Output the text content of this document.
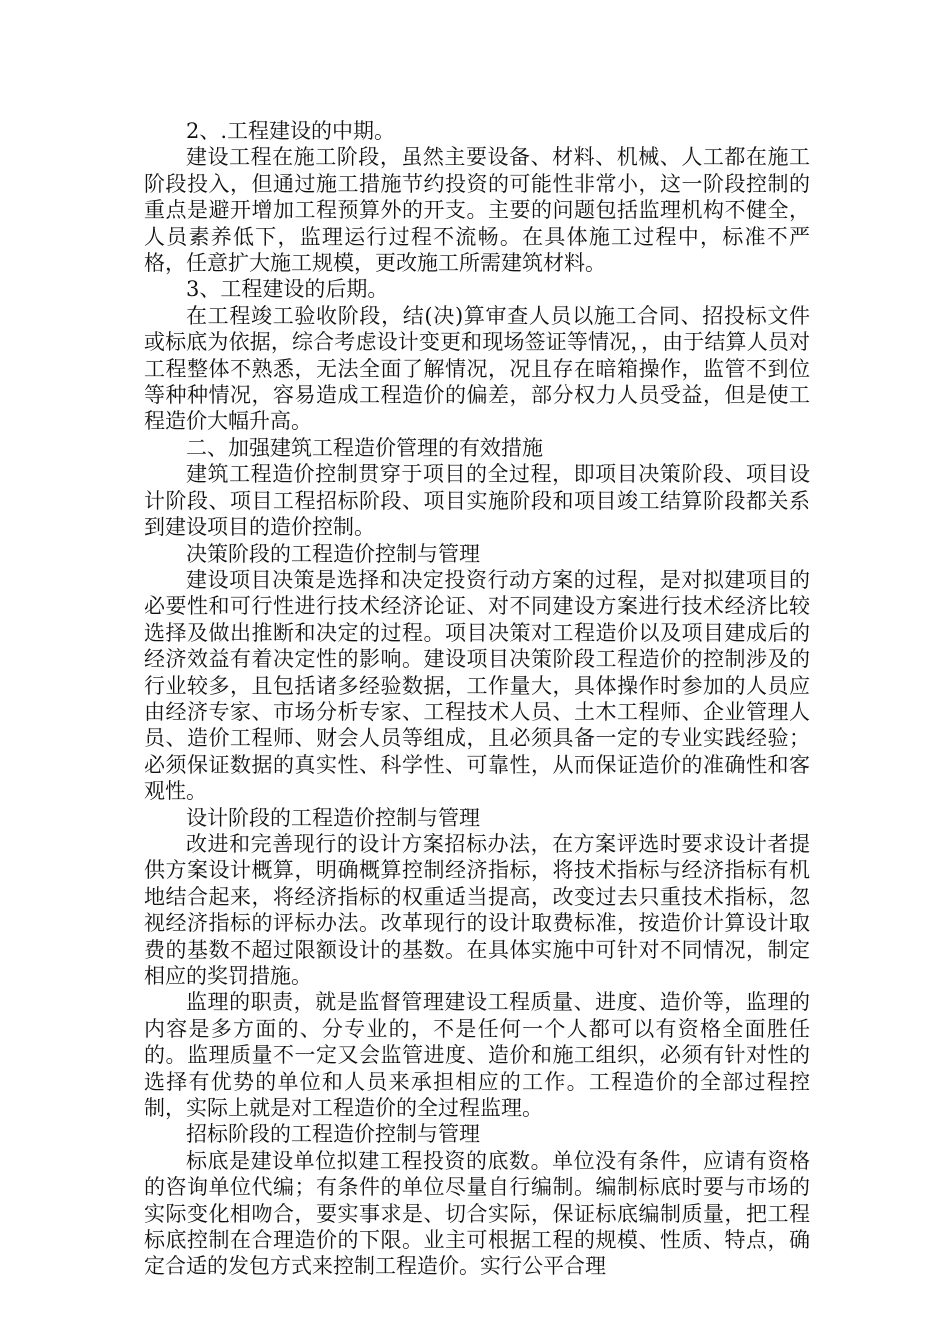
2、.工程建设的中期。

建设工程在施工阶段，虽然主要设备、材料、机械、人工都在施工阶段投入，但通过施工措施节约投资的可能性非常小，这一阶段控制的重点是避开增加工程预算外的开支。主要的问题包括监理机构不健全，人员素养低下，监理运行过程不流畅。在具体施工过程中，标准不严格，任意扩大施工规模，更改施工所需建筑材料。

3、工程建设的后期。

在工程竣工验收阶段，结(决)算审查人员以施工合同、招投标文件或标底为依据，综合考虑设计变更和现场签证等情况，，由于结算人员对工程整体不熟悉，无法全面了解情况，况且存在暗箱操作，监管不到位等种种情况，容易造成工程造价的偏差，部分权力人员受益，但是使工程造价大幅升高。

二、加强建筑工程造价管理的有效措施

建筑工程造价控制贯穿于项目的全过程，即项目决策阶段、项目设计阶段、项目工程招标阶段、项目实施阶段和项目竣工结算阶段都关系到建设项目的造价控制。

决策阶段的工程造价控制与管理

建设项目决策是选择和决定投资行动方案的过程，是对拟建项目的必要性和可行性进行技术经济论证、对不同建设方案进行技术经济比较选择及做出推断和决定的过程。项目决策对工程造价以及项目建成后的经济效益有着决定性的影响。建设项目决策阶段工程造价的控制涉及的行业较多，且包括诸多经验数据，工作量大，具体操作时参加的人员应由经济专家、市场分析专家、工程技术人员、土木工程师、企业管理人员、造价工程师、财会人员等组成，且必须具备一定的专业实践经验；必须保证数据的真实性、科学性、可靠性，从而保证造价的准确性和客观性。

设计阶段的工程造价控制与管理

改进和完善现行的设计方案招标办法，在方案评选时要求设计者提供方案设计概算，明确概算控制经济指标，将技术指标与经济指标有机地结合起来，将经济指标的权重适当提高，改变过去只重技术指标，忽视经济指标的评标办法。改革现行的设计取费标准，按造价计算设计取费的基数不超过限额设计的基数。在具体实施中可针对不同情况，制定相应的奖罚措施。

监理的职责，就是监督管理建设工程质量、进度、造价等，监理的内容是多方面的、分专业的，不是任何一个人都可以有资格全面胜任的。监理质量不一定又会监管进度、造价和施工组织，必须有针对性的选择有优势的单位和人员来承担相应的工作。工程造价的全部过程控制，实际上就是对工程造价的全过程监理。

招标阶段的工程造价控制与管理

标底是建设单位拟建工程投资的底数。单位没有条件，应请有资格的咨询单位代编；有条件的单位尽量自行编制。编制标底时要与市场的实际变化相吻合，要实事求是、切合实际，保证标底编制质量，把工程标底控制在合理造价的下限。业主可根据工程的规模、性质、特点，确定合适的发包方式来控制工程造价。实行公平合理
